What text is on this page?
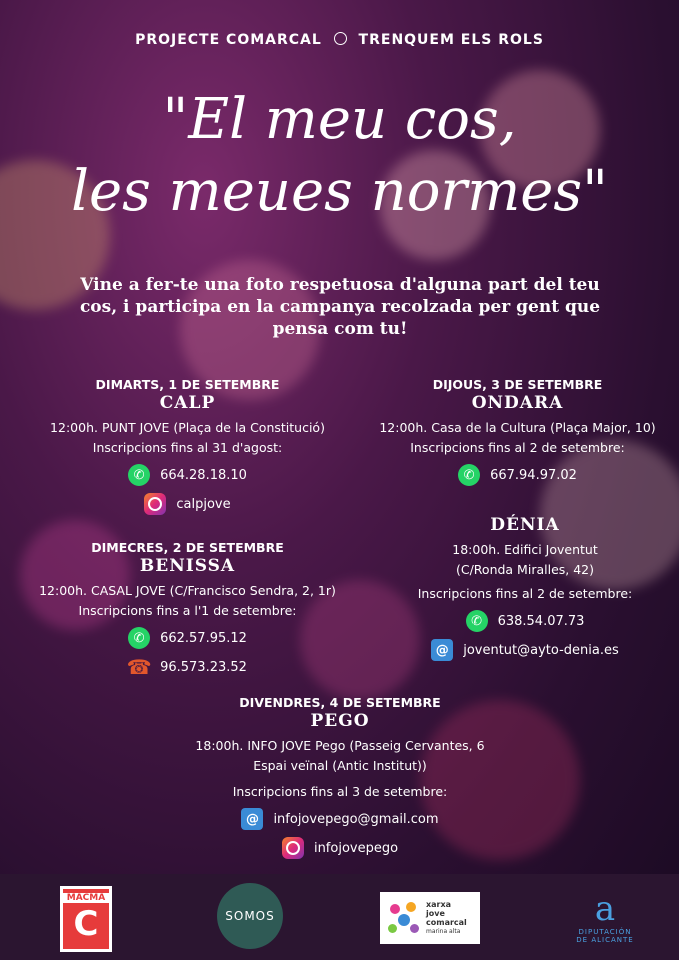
PROJECTE COMARCAL	TRENQUEM ELS ROLS
"El meu cos,
les meues normes"
Vine a fer-te una foto respetuosa d'alguna part del teu cos, i participa en la campanya recolzada per gent que pensa com tu!
DIMARTS, 1 DE SETEMBRE
CALP
12:00h. PUNT JOVE (Plaça de la Constitució)
Inscripcions fins al 31 d'agost:
✆	664.28.18.10
calpjove
DIJOUS, 3 DE SETEMBRE
ONDARA
12:00h. Casa de la Cultura (Plaça Major, 10)
Inscripcions fins al 2 de setembre:
✆	667.94.97.02
DIMECRES, 2 DE SETEMBRE
BENISSA
12:00h. CASAL JOVE (C/Francisco Sendra, 2, 1r)
Inscripcions fins a l'1 de setembre:
✆	662.57.95.12
☎ 96.573.23.52
DÉNIA
18:00h. Edifici Joventut
(C/Ronda Miralles, 42)
Inscripcions fins al 2 de setembre:
✆	638.54.07.73
@	joventut@ayto-denia.es
DIVENDRES, 4 DE SETEMBRE
PEGO
18:00h. INFO JOVE Pego (Passeig Cervantes, 6
Espai veïnal (Antic Institut))
Inscripcions fins al 3 de setembre:
@	infojovepego@gmail.com
infojovepego
MACMA
C	SOMOS
xarxa
jove
comarcal
marina alta
a
DIPUTACIÓN
DE ALICANTE
